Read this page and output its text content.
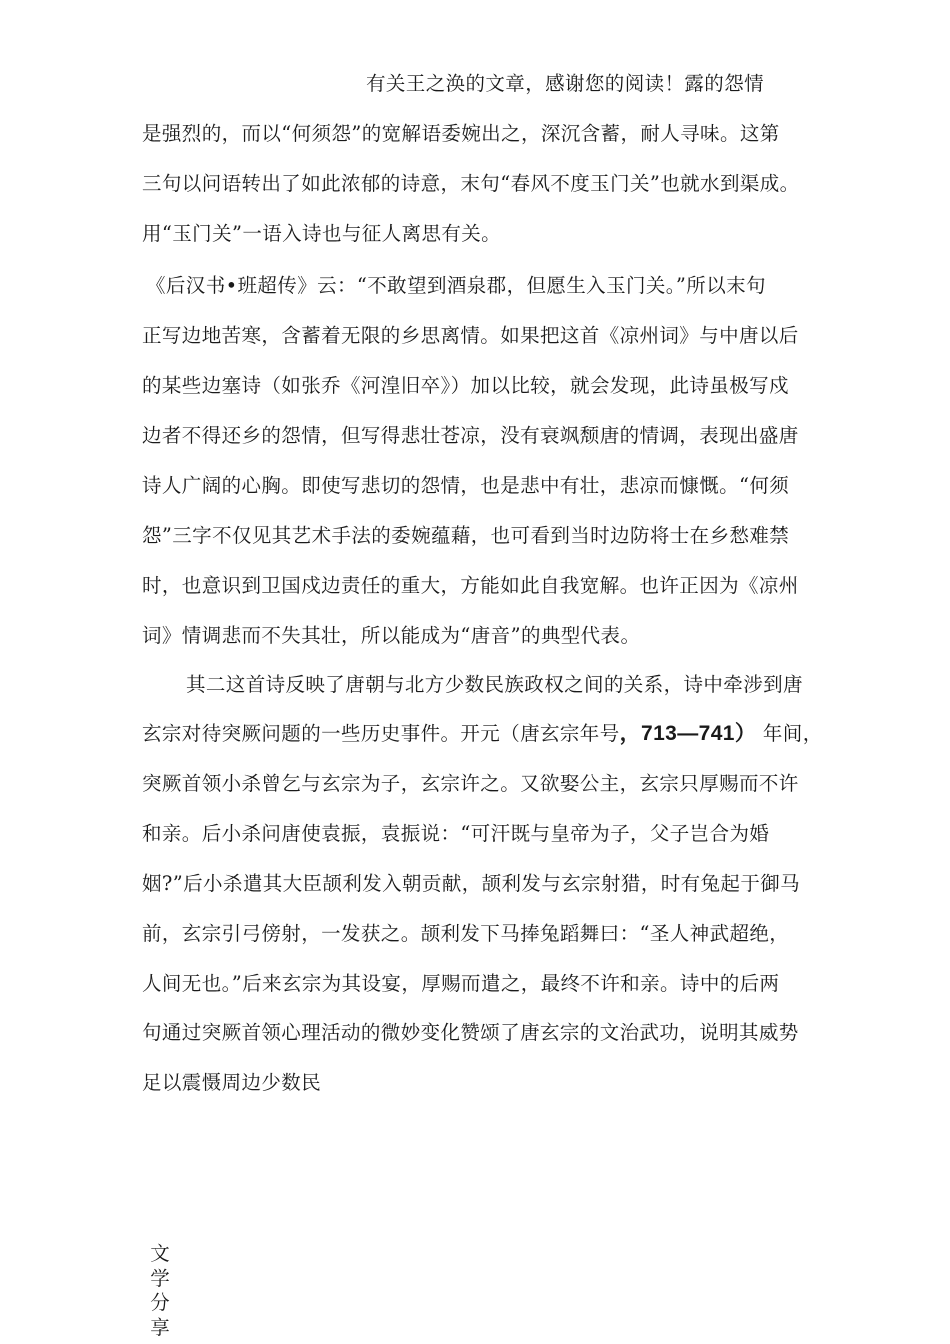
有关王之涣的文章，感谢您的阅读！露的怨情
是强烈的，而以“何须怨”的宽解语委婉出之，深沉含蓄，耐人寻味。这第
三句以问语转出了如此浓郁的诗意，末句“春风不度玉门关”也就水到渠成。
用“玉门关”一语入诗也与征人离思有关。
《后汉书•班超传》云：“不敢望到酒泉郡，但愿生入玉门关。”所以末句
正写边地苦寒，含蓄着无限的乡思离情。如果把这首《凉州词》与中唐以后
的某些边塞诗（如张乔《河湟旧卒》）加以比较，就会发现，此诗虽极写戍
边者不得还乡的怨情，但写得悲壮苍凉，没有衰飒颓唐的情调，表现出盛唐
诗人广阔的心胸。即使写悲切的怨情，也是悲中有壮，悲凉而慷慨。“何须
怨”三字不仅见其艺术手法的委婉蕴藉，也可看到当时边防将士在乡愁难禁
时，也意识到卫国戍边责任的重大，方能如此自我宽解。也许正因为《凉州
词》情调悲而不失其壮，所以能成为“唐音”的典型代表。
其二这首诗反映了唐朝与北方少数民族政权之间的关系，诗中牵涉到唐
玄宗对待突厥问题的一些历史事件。开元（唐玄宗年号，713—741） 年间，
突厥首领小杀曾乞与玄宗为子，玄宗许之。又欲娶公主，玄宗只厚赐而不许
和亲。后小杀问唐使袁振，袁振说：“可汗既与皇帝为子，父子岂合为婚
姻?”后小杀遣其大臣颉利发入朝贡献，颉利发与玄宗射猎，时有兔起于御马
前，玄宗引弓傍射，一发获之。颉利发下马捧兔蹈舞曰：“圣人神武超绝，
人间无也。”后来玄宗为其设宴，厚赐而遣之，最终不许和亲。诗中的后两
句通过突厥首领心理活动的微妙变化赞颂了唐玄宗的文治武功，说明其威势
足以震慑周边少数民
文
学
分
享
